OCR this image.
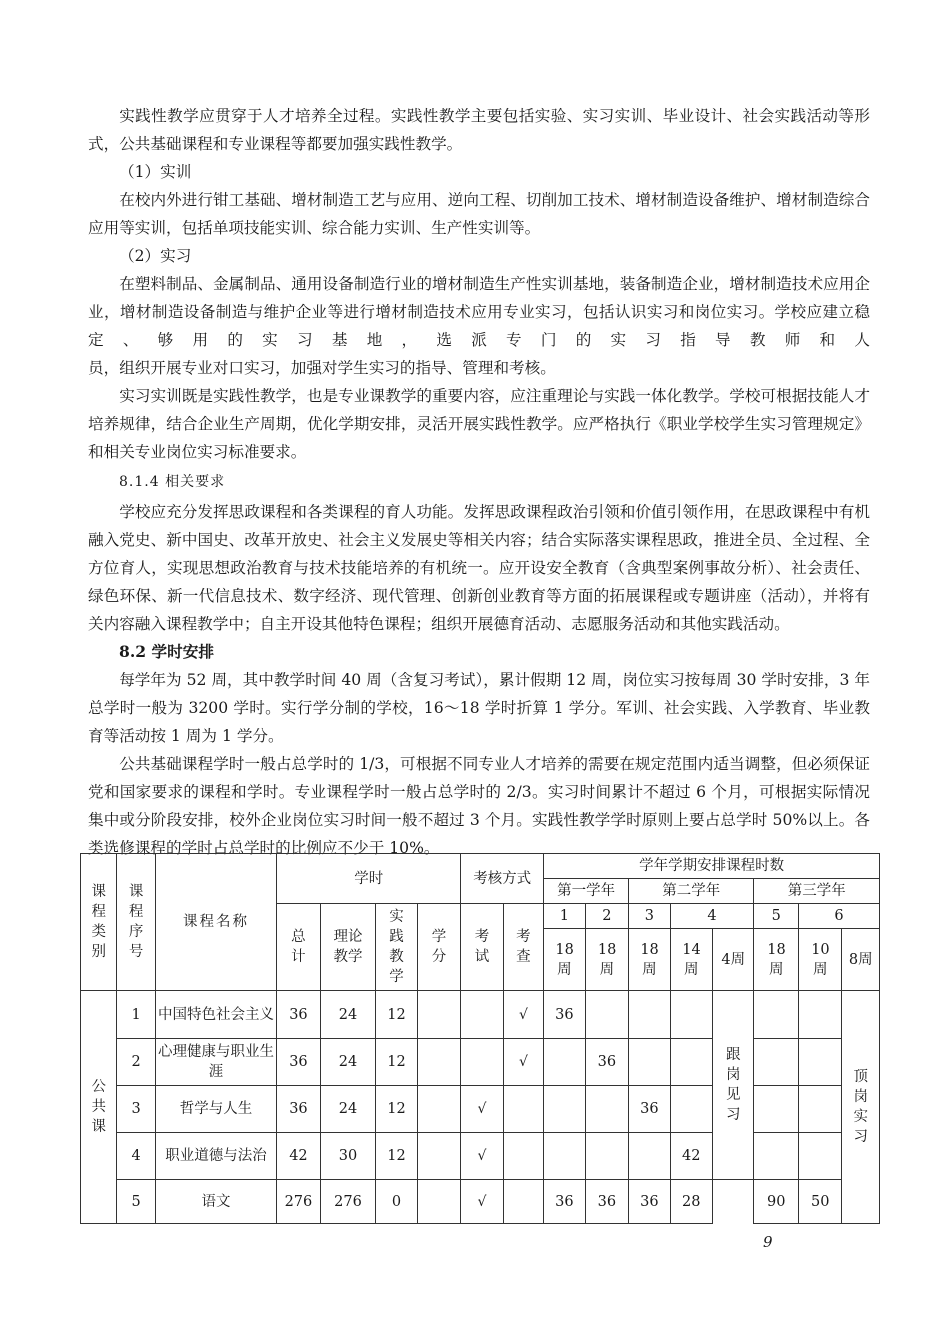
实践性教学应贯穿于人才培养全过程。实践性教学主要包括实验、实习实训、毕业设计、社会实践活动等形式，公共基础课程和专业课程等都要加强实践性教学。

（1）实训

在校内外进行钳工基础、增材制造工艺与应用、逆向工程、切削加工技术、增材制造设备维护、增材制造综合应用等实训，包括单项技能实训、综合能力实训、生产性实训等。

（2）实习

在塑料制品、金属制品、通用设备制造行业的增材制造生产性实训基地，装备制造企业，增材制造技术应用企业，增材制造设备制造与维护企业等进行增材制造技术应用专业实习，包括认识实习和岗位实习。学校应建立稳定、够用的实习基地，选派专门的实习指导教师和人

员，组织开展专业对口实习，加强对学生实习的指导、管理和考核。

实习实训既是实践性教学，也是专业课教学的重要内容，应注重理论与实践一体化教学。学校可根据技能人才培养规律，结合企业生产周期，优化学期安排，灵活开展实践性教学。应严格执行《职业学校学生实习管理规定》和相关专业岗位实习标准要求。

8.1.4 相关要求

学校应充分发挥思政课程和各类课程的育人功能。发挥思政课程政治引领和价值引领作用，在思政课程中有机融入党史、新中国史、改革开放史、社会主义发展史等相关内容；结合实际落实课程思政，推进全员、全过程、全方位育人，实现思想政治教育与技术技能培养的有机统一。应开设安全教育（含典型案例事故分析）、社会责任、绿色环保、新一代信息技术、数字经济、现代管理、创新创业教育等方面的拓展课程或专题讲座（活动），并将有关内容融入课程教学中；自主开设其他特色课程；组织开展德育活动、志愿服务活动和其他实践活动。

8.2 学时安排

每学年为 52 周，其中教学时间 40 周（含复习考试），累计假期 12 周，岗位实习按每周 30 学时安排，3 年总学时一般为 3200 学时。实行学分制的学校，16～18 学时折算 1 学分。军训、社会实践、入学教育、毕业教育等活动按 1 周为 1 学分。

公共基础课程学时一般占总学时的 1/3，可根据不同专业人才培养的需要在规定范围内适当调整，但必须保证党和国家要求的课程和学时。专业课程学时一般占总学时的 2/3。实习时间累计不超过 6 个月，可根据实际情况集中或分阶段安排，校外企业岗位实习时间一般不超过 3 个月。实践性教学学时原则上要占总学时 50%以上。各类选修课程的学时占总学时的比例应不少于 10%。

课程类别	课程序号	课程名称	学时				考核方式		学年学期安排课程时数							
									第一学年		第二学年			第三学年		

			总计	理论教学	实践教学	学分	考试	考查	1	2	3	4		5	6	

									18周	18周	18周	14周	4周	18周	10周	8周

公共课	1	中国特色社会主义	36	24	12			√	36				跟岗见习			顶岗实习

	2	心理健康与职业生涯	36	24	12			√		36						
	3	哲学与人生	36	24	12		√				36					
	4	职业道德与法治	42	30	12		√					42				
	5	语文	276	276	0		√		36	36	36	28		90	50	
9
